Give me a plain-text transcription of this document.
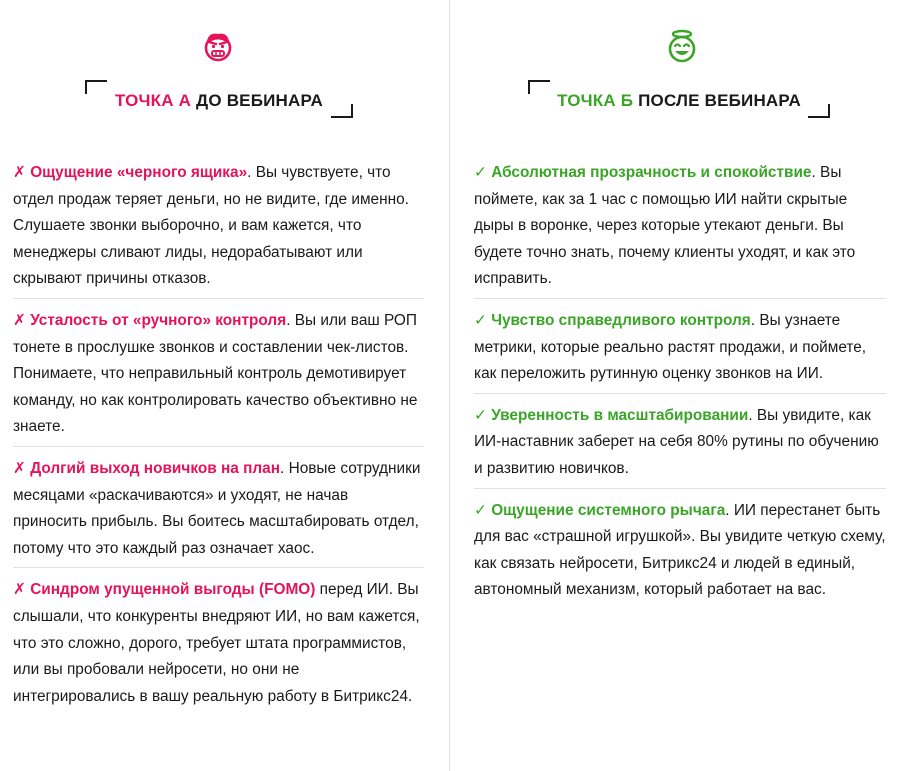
ТОЧКА А ДО ВЕБИНАРА
✗ Ощущение «черного ящика». Вы чувствуете, что отдел продаж теряет деньги, но не видите, где именно. Слушаете звонки выборочно, и вам кажется, что менеджеры сливают лиды, недорабатывают или скрывают причины отказов.
✗ Усталость от «ручного» контроля. Вы или ваш РОП тонете в прослушке звонков и составлении чек-листов. Понимаете, что неправильный контроль демотивирует команду, но как контролировать качество объективно не знаете.
✗ Долгий выход новичков на план. Новые сотрудники месяцами «раскачиваются» и уходят, не начав приносить прибыль. Вы боитесь масштабировать отдел, потому что это каждый раз означает хаос.
✗ Синдром упущенной выгоды (FOMO) перед ИИ. Вы слышали, что конкуренты внедряют ИИ, но вам кажется, что это сложно, дорого, требует штата программистов, или вы пробовали нейросети, но они не интегрировались в вашу реальную работу в Битрикс24.
ТОЧКА Б ПОСЛЕ ВЕБИНАРА
✓ Абсолютная прозрачность и спокойствие. Вы поймете, как за 1 час с помощью ИИ найти скрытые дыры в воронке, через которые утекают деньги. Вы будете точно знать, почему клиенты уходят, и как это исправить.
✓ Чувство справедливого контроля. Вы узнаете метрики, которые реально растят продажи, и поймете, как переложить рутинную оценку звонков на ИИ.
✓ Уверенность в масштабировании. Вы увидите, как ИИ-наставник заберет на себя 80% рутины по обучению и развитию новичков.
✓ Ощущение системного рычага. ИИ перестанет быть для вас «страшной игрушкой». Вы увидите четкую схему, как связать нейросети, Битрикс24 и людей в единый, автономный механизм, который работает на вас.
